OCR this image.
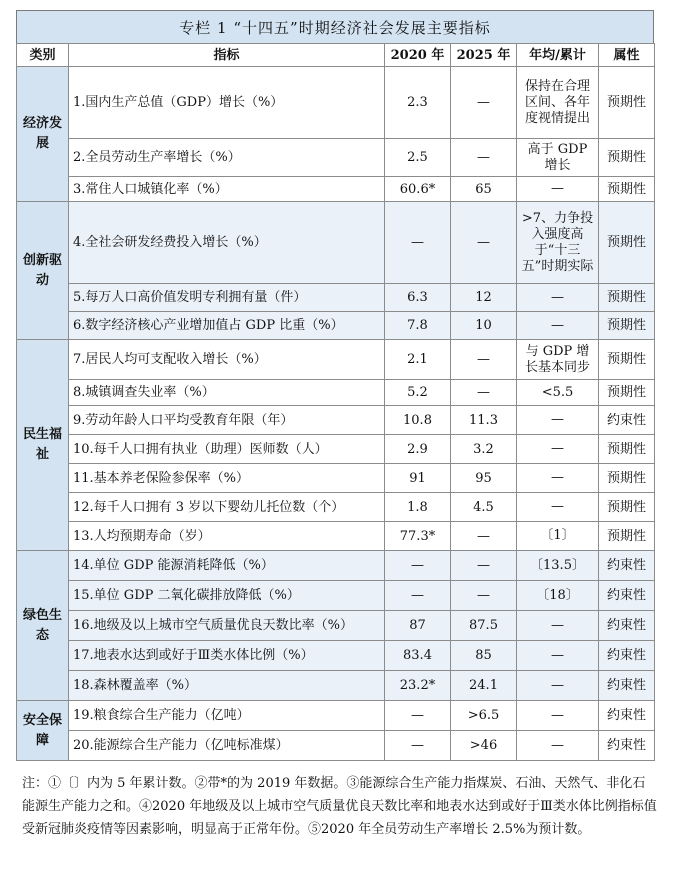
专栏 1 “十四五”时期经济社会发展主要指标
类别	指标	2020 年	2025 年	年均/累计	属性
经济发展	1.国内生产总值（GDP）增长（%）	2.3	—	保持在合理区间、各年度视情提出	预期性
	2.全员劳动生产率增长（%）	2.5	—	高于 GDP 增长	预期性
	3.常住人口城镇化率（%）	60.6*	65	—	预期性
创新驱动	4.全社会研发经费投入增长（%）	—	—	>7、力争投入强度高于“十三五”时期实际	预期性
	5.每万人口高价值发明专利拥有量（件）	6.3	12	—	预期性
	6.数字经济核心产业增加值占 GDP 比重（%）	7.8	10	—	预期性
民生福祉	7.居民人均可支配收入增长（%）	2.1	—	与 GDP 增长基本同步	预期性
	8.城镇调查失业率（%）	5.2	—	<5.5	预期性
	9.劳动年龄人口平均受教育年限（年）	10.8	11.3	—	约束性
	10.每千人口拥有执业（助理）医师数（人）	2.9	3.2	—	预期性
	11.基本养老保险参保率（%）	91	95	—	预期性
	12.每千人口拥有 3 岁以下婴幼儿托位数（个）	1.8	4.5	—	预期性
	13.人均预期寿命（岁）	77.3*	—	〔1〕	预期性
绿色生态	14.单位 GDP 能源消耗降低（%）	—	—	〔13.5〕	约束性
	15.单位 GDP 二氧化碳排放降低（%）	—	—	〔18〕	约束性
	16.地级及以上城市空气质量优良天数比率（%）	87	87.5	—	约束性
	17.地表水达到或好于Ⅲ类水体比例（%）	83.4	85	—	约束性
	18.森林覆盖率（%）	23.2*	24.1	—	约束性
安全保障	19.粮食综合生产能力（亿吨）	—	>6.5	—	约束性
	20.能源综合生产能力（亿吨标准煤）	—	>46	—	约束性
注：①〔〕内为 5 年累计数。②带*的为 2019 年数据。③能源综合生产能力指煤炭、石油、天然气、非化石能源生产能力之和。④2020 年地级及以上城市空气质量优良天数比率和地表水达到或好于Ⅲ类水体比例指标值受新冠肺炎疫情等因素影响，明显高于正常年份。⑤2020 年全员劳动生产率增长 2.5%为预计数。
